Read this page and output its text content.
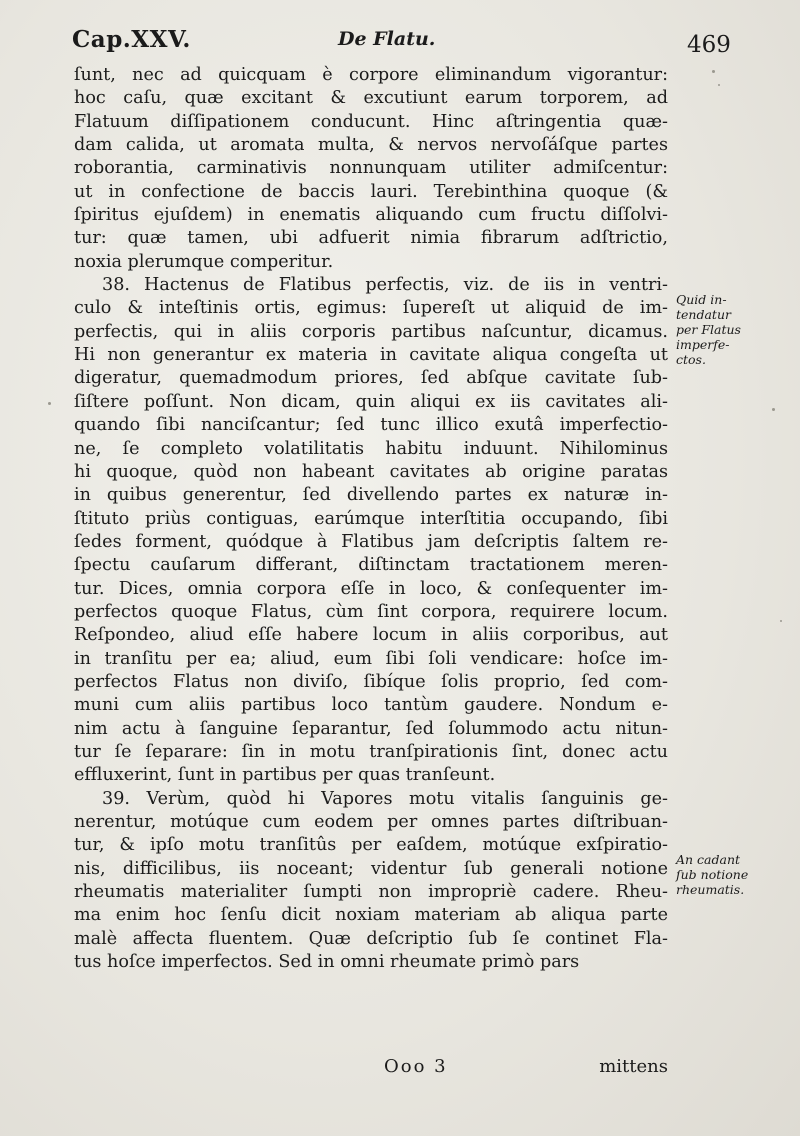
Cap.XXV.	De Flatu.	469
ſunt, nec ad quicquam è corpore eliminandum vigorantur:
hoc caſu, quæ excitant & excutiunt earum torporem, ad
Flatuum diſſipationem conducunt. Hinc aſtringentia quæ-
dam calida, ut aromata multa, & nervos nervoſáſque partes
roborantia, carminativis nonnunquam utiliter admiſcentur:
ut in confectione de baccis lauri. Terebinthina quoque (&
ſpiritus ejuſdem) in enematis aliquando cum fructu diſſolvi-
tur: quæ tamen, ubi adfuerit nimia fibrarum adſtrictio,
noxia plerumque comperitur.
38. Hactenus de Flatibus perfectis, viz. de iis in ventri-
culo & inteſtinis ortis, egimus: ſupereſt ut aliquid de im-
perfectis, qui in aliis corporis partibus naſcuntur, dicamus.
Hi non generantur ex materia in cavitate aliqua congeſta ut
digeratur, quemadmodum priores, ſed abſque cavitate ſub-
ſiſtere poſſunt. Non dicam, quin aliqui ex iis cavitates ali-
quando ſibi nanciſcantur; ſed tunc illico exutâ imperfectio-
ne, ſe completo volatilitatis habitu induunt. Nihilominus
hi quoque, quòd non habeant cavitates ab origine paratas
in quibus generentur, ſed divellendo partes ex naturæ in-
ſtituto priùs contiguas, earúmque interſtitia occupando, ſibi
ſedes forment, quódque à Flatibus jam deſcriptis ſaltem re-
ſpectu cauſarum differant, diſtinctam tractationem meren-
tur. Dices, omnia corpora eſſe in loco, & conſequenter im-
perfectos quoque Flatus, cùm ſint corpora, requirere locum.
Reſpondeo, aliud eſſe habere locum in aliis corporibus, aut
in tranſitu per ea; aliud, eum ſibi ſoli vendicare: hoſce im-
perfectos Flatus non diviſo, ſibíque ſolis proprio, ſed com-
muni cum aliis partibus loco tantùm gaudere. Nondum e-
nim actu à ſanguine ſeparantur, ſed ſolummodo actu nitun-
tur ſe ſeparare: ſin in motu tranſpirationis ſint, donec actu
effluxerint, ſunt in partibus per quas tranſeunt.
39. Verùm, quòd hi Vapores motu vitalis ſanguinis ge-
nerentur, motúque cum eodem per omnes partes diſtribuan-
tur, & ipſo motu tranſitûs per eaſdem, motúque exſpiratio-
nis, difficilibus, iis noceant; videntur ſub generali notione
rheumatis materialiter ſumpti non impropriè cadere. Rheu-
ma enim hoc ſenſu dicit noxiam materiam ab aliqua parte
malè affecta fluentem. Quæ deſcriptio ſub ſe continet Fla-
tus hoſce imperfectos. Sed in omni rheumate primò pars
Quid in-
tendatur
per Flatus
imperfe-
ctos.
An cadant
ſub notione
rheumatis.
Ooo 3	mittens
